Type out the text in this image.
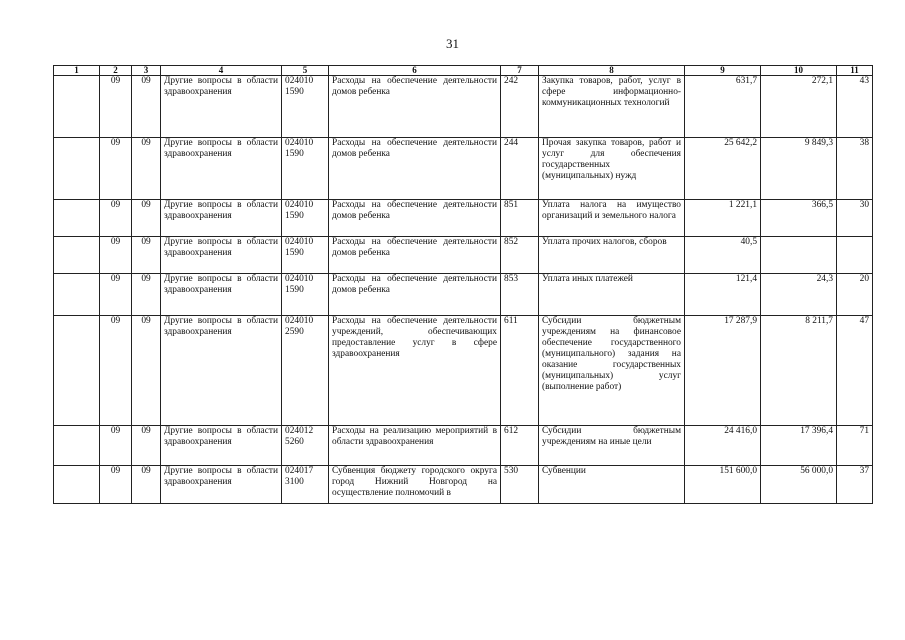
31
1	2	3	4	5	6	7	8	9	10	11
	09	09	Другие вопросы в области здравоохранения	024010 1590	Расходы на обеспечение деятельности домов ребенка	242	Закупка товаров, работ, услуг в сфере информационно-коммуникационных технологий	631,7	272,1	43
	09	09	Другие вопросы в области здравоохранения	024010 1590	Расходы на обеспечение деятельности домов ребенка	244	Прочая закупка товаров, работ и услуг для обеспечения государственных (муниципальных) нужд	25 642,2	9 849,3	38
	09	09	Другие вопросы в области здравоохранения	024010 1590	Расходы на обеспечение деятельности домов ребенка	851	Уплата налога на имущество организаций и земельного налога	1 221,1	366,5	30
	09	09	Другие вопросы в области здравоохранения	024010 1590	Расходы на обеспечение деятельности домов ребенка	852	Уплата прочих налогов, сборов	40,5		
	09	09	Другие вопросы в области здравоохранения	024010 1590	Расходы на обеспечение деятельности домов ребенка	853	Уплата иных платежей	121,4	24,3	20
	09	09	Другие вопросы в области здравоохранения	024010 2590	Расходы на обеспечение деятельности учреждений, обеспечивающих предоставление услуг в сфере здравоохранения	611	Субсидии бюджетным учреждениям на финансовое обеспечение государственного (муниципального) задания на оказание государственных (муниципальных) услуг (выполнение работ)	17 287,9	8 211,7	47
	09	09	Другие вопросы в области здравоохранения	024012 5260	Расходы на реализацию мероприятий в области здравоохранения	612	Субсидии бюджетным учреждениям на иные цели	24 416,0	17 396,4	71
	09	09	Другие вопросы в области здравоохранения	024017 3100	Субвенция бюджету городского округа город Нижний Новгород на осуществление полномочий в	530	Субвенции	151 600,0	56 000,0	37
